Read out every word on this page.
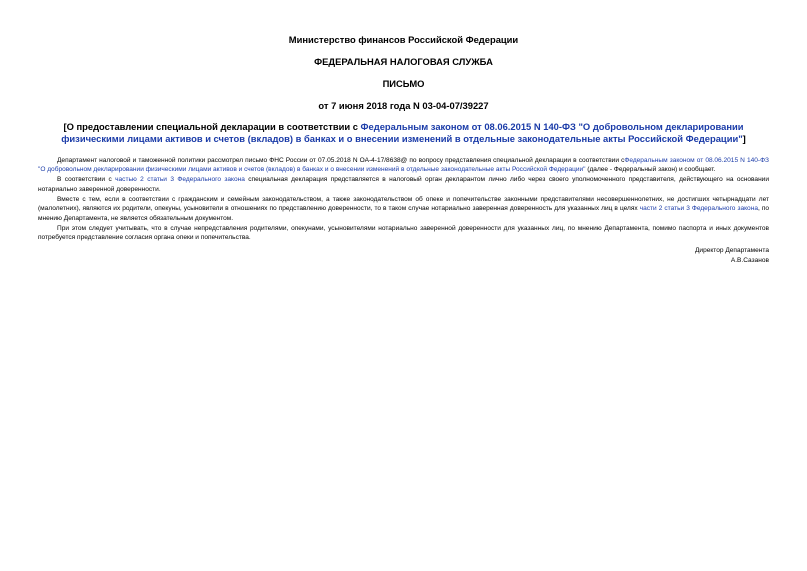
Министерство финансов Российской Федерации
ФЕДЕРАЛЬНАЯ НАЛОГОВАЯ СЛУЖБА
ПИСЬМО
от 7 июня 2018 года N 03-04-07/39227
[О предоставлении специальной декларации в соответствии с Федеральным законом от 08.06.2015 N 140-ФЗ "О добровольном декларировании физическими лицами активов и счетов (вкладов) в банках и о внесении изменений в отдельные законодательные акты Российской Федерации"]

Департамент налоговой и таможенной политики рассмотрел письмо ФНС России от 07.05.2018 N ОА-4-17/8638@ по вопросу представления специальной декларации в соответствии сФедеральным законом от 08.06.2015 N 140-ФЗ "О добровольном декларировании физическими лицами активов и счетов (вкладов) в банках и о внесении изменений в отдельные законодательные акты Российской Федерации" (далее - Федеральный закон) и сообщает.

В соответствии с частью 2 статьи 3 Федерального закона специальная декларация представляется в налоговый орган декларантом лично либо через своего уполномоченного представителя, действующего на основании нотариально заверенной доверенности.

Вместе с тем, если в соответствии с гражданским и семейным законодательством, а также законодательством об опеке и попечительстве законными представителями несовершеннолетних, не достигших четырнадцати лет (малолетних), являются их родители, опекуны, усыновители в отношениях по представлению доверенности, то в таком случае нотариально заверенная доверенность для указанных лиц в целях части 2 статьи 3 Федерального закона, по мнению Департамента, не является обязательным документом.

При этом следует учитывать, что в случае непредставления родителями, опекунами, усыновителями нотариально заверенной доверенности для указанных лиц, по мнению Департамента, помимо паспорта и иных документов потребуется представление согласия органа опеки и попечительства.

Директор Департамента
А.В.Сазанов
